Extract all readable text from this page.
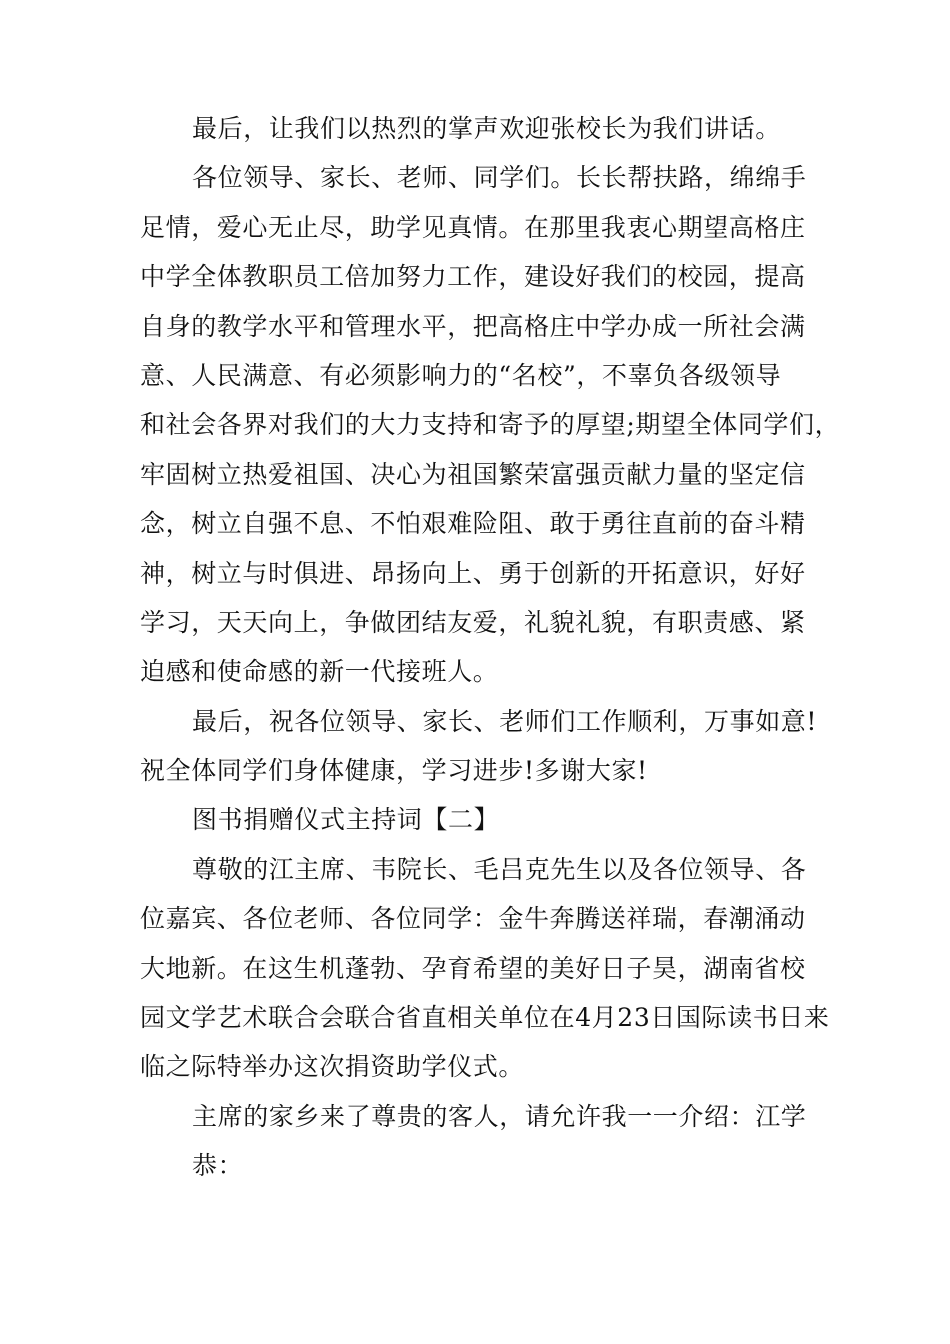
最后，让我们以热烈的掌声欢迎张校长为我们讲话。

各位领导、家长、老师、同学们。长长帮扶路，绵绵手
足情，爱心无止尽，助学见真情。在那里我衷心期望高格庄
中学全体教职员工倍加努力工作，建设好我们的校园，提高
自身的教学水平和管理水平，把高格庄中学办成一所社会满
意、人民满意、有必须影响力的“名校”，不辜负各级领导
和社会各界对我们的大力支持和寄予的厚望;期望全体同学们，
牢固树立热爱祖国、决心为祖国繁荣富强贡献力量的坚定信
念，树立自强不息、不怕艰难险阻、敢于勇往直前的奋斗精
神，树立与时俱进、昂扬向上、勇于创新的开拓意识，好好
学习，天天向上，争做团结友爱，礼貌礼貌，有职责感、紧
迫感和使命感的新一代接班人。

最后，祝各位领导、家长、老师们工作顺利，万事如意!
祝全体同学们身体健康，学习进步!多谢大家!

图书捐赠仪式主持词【二】

尊敬的江主席、韦院长、毛吕克先生以及各位领导、各
位嘉宾、各位老师、各位同学：金牛奔腾送祥瑞，春潮涌动
大地新。在这生机蓬勃、孕育希望的美好日子昊，湖南省校
园文学艺术联合会联合省直相关单位在4月23日国际读书日来
临之际特举办这次捐资助学仪式。

主席的家乡来了尊贵的客人，请允许我一一介绍：江学

恭：
